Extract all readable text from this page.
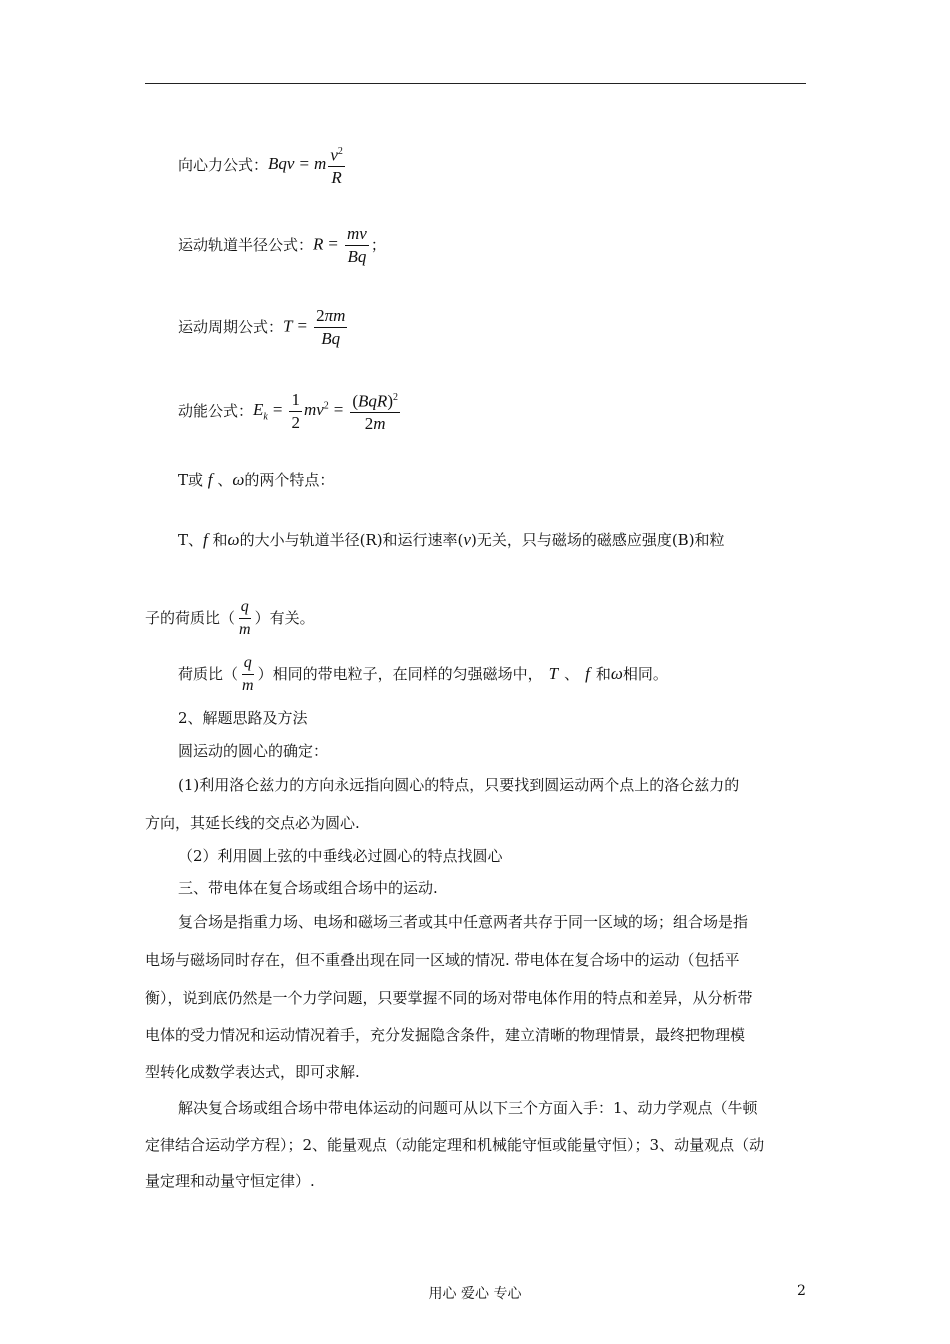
向心力公式： Bqv = m $\frac{v^2}{R}$
运动轨道半径公式： $R = \frac{mv}{Bq}$ ；
运动周期公式： $T = \frac{2\pi m}{Bq}$
动能公式： $E_k = \frac{1}{2} mv^2 = \frac{(BqR)^2}{2m}$
T或 f 、ω的两个特点：
T、f 和ω的大小与轨道半径(R)和运行速率(v)无关，只与磁场的磁感应强度(B)和粒
子的荷质比（ $\frac{q}{m}$ ）有关。
荷质比（ $\frac{q}{m}$ ）相同的带电粒子，在同样的匀强磁场中， T 、 f 和 ω 相同。
2、解题思路及方法
圆运动的圆心的确定：
(1)利用洛仑兹力的方向永远指向圆心的特点，只要找到圆运动两个点上的洛仑兹力的
方向，其延长线的交点必为圆心.
（2）利用圆上弦的中垂线必过圆心的特点找圆心
三、带电体在复合场或组合场中的运动.
复合场是指重力场、电场和磁场三者或其中任意两者共存于同一区域的场；组合场是指
电场与磁场同时存在，但不重叠出现在同一区域的情况. 带电体在复合场中的运动（包括平
衡），说到底仍然是一个力学问题，只要掌握不同的场对带电体作用的特点和差异，从分析带
电体的受力情况和运动情况着手，充分发掘隐含条件，建立清晰的物理情景，最终把物理模
型转化成数学表达式，即可求解.
解决复合场或组合场中带电体运动的问题可从以下三个方面入手：1、动力学观点（牛顿
定律结合运动学方程）；2、能量观点（动能定理和机械能守恒或能量守恒）；3、动量观点（动
量定理和动量守恒定律）.
用心 爱心 专心	2
